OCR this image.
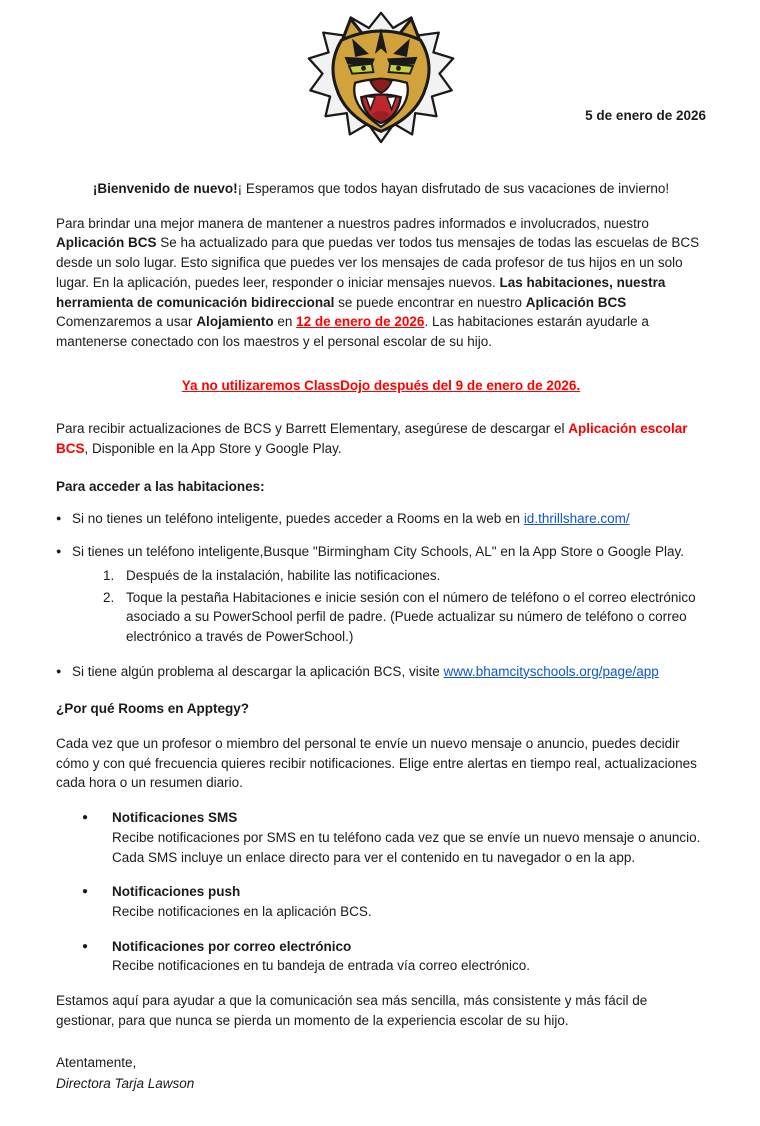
5 de enero de 2026

¡Bienvenido de nuevo!¡ Esperamos que todos hayan disfrutado de sus vacaciones de invierno!

Para brindar una mejor manera de mantener a nuestros padres informados e involucrados, nuestro Aplicación BCS Se ha actualizado para que puedas ver todos tus mensajes de todas las escuelas de BCS desde un solo lugar. Esto significa que puedes ver los mensajes de cada profesor de tus hijos en un solo lugar. En la aplicación, puedes leer, responder o iniciar mensajes nuevos. Las habitaciones, nuestra herramienta de comunicación bidireccional se puede encontrar en nuestro Aplicación BCS Comenzaremos a usar Alojamiento en 12 de enero de 2026. Las habitaciones estarán ayudarle a mantenerse conectado con los maestros y el personal escolar de su hijo.

Ya no utilizaremos ClassDojo después del 9 de enero de 2026.

Para recibir actualizaciones de BCS y Barrett Elementary, asegúrese de descargar el Aplicación escolar BCS, Disponible en la App Store y Google Play.

Para acceder a las habitaciones:

● Si no tienes un teléfono inteligente, puedes acceder a Rooms en la web en id.thrillshare.com/
● Si tienes un teléfono inteligente,Busque "Birmingham City Schools, AL" en la App Store o Google Play.
1. Después de la instalación, habilite las notificaciones.
2. Toque la pestaña Habitaciones e inicie sesión con el número de teléfono o el correo electrónico asociado a su PowerSchool perfil de padre. (Puede actualizar su número de teléfono o correo electrónico a través de PowerSchool.)
● Si tiene algún problema al descargar la aplicación BCS, visite www.bhamcityschools.org/page/app

¿Por qué Rooms en Apptegy?

Cada vez que un profesor o miembro del personal te envíe un nuevo mensaje o anuncio, puedes decidir cómo y con qué frecuencia quieres recibir notificaciones. Elige entre alertas en tiempo real, actualizaciones cada hora o un resumen diario.

●	Notificaciones SMS
Recibe notificaciones por SMS en tu teléfono cada vez que se envíe un nuevo mensaje o anuncio. Cada SMS incluye un enlace directo para ver el contenido en tu navegador o en la app.
●	Notificaciones push
Recibe notificaciones en la aplicación BCS.
●	Notificaciones por correo electrónico
Recibe notificaciones en tu bandeja de entrada vía correo electrónico.

Estamos aquí para ayudar a que la comunicación sea más sencilla, más consistente y más fácil de gestionar, para que nunca se pierda un momento de la experiencia escolar de su hijo.

Atentamente,

Directora Tarja Lawson
